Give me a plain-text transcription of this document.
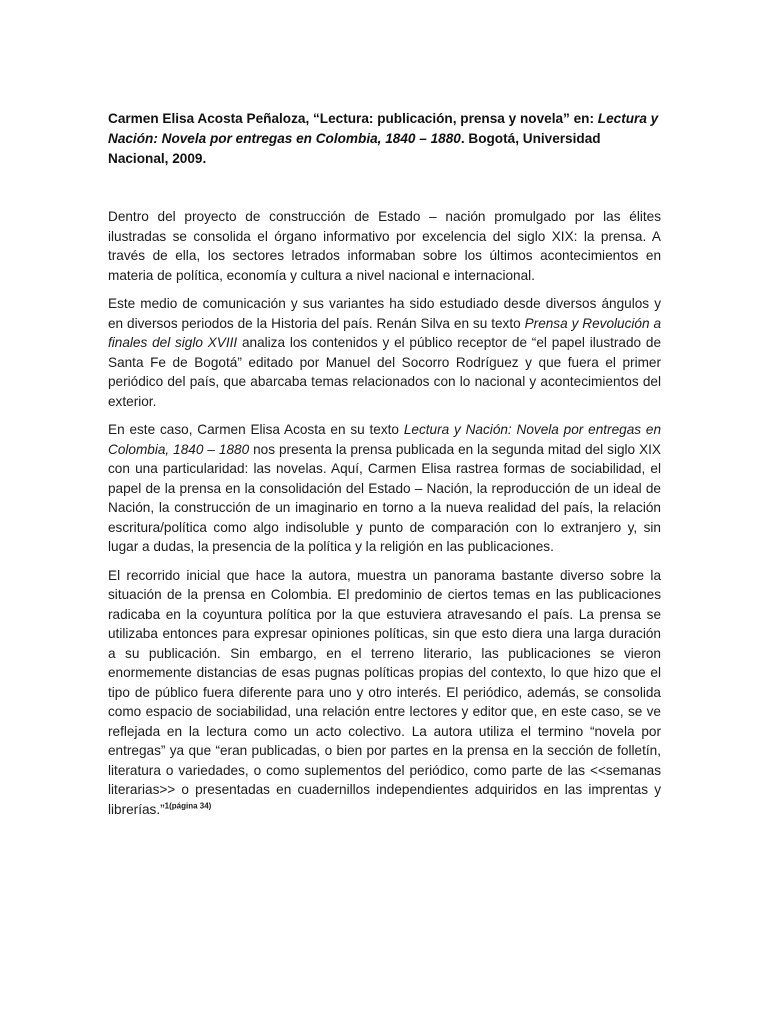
Carmen Elisa Acosta Peñaloza, “Lectura: publicación, prensa y novela” en: Lectura y Nación: Novela por entregas en Colombia, 1840 – 1880. Bogotá, Universidad Nacional, 2009.

Dentro del proyecto de construcción de Estado – nación promulgado por las élites ilustradas se consolida el órgano informativo por excelencia del siglo XIX: la prensa. A través de ella, los sectores letrados informaban sobre los últimos acontecimientos en materia de política, economía y cultura a nivel nacional e internacional.

Este medio de comunicación y sus variantes ha sido estudiado desde diversos ángulos y en diversos periodos de la Historia del país. Renán Silva en su texto Prensa y Revolución a finales del siglo XVIII analiza los contenidos y el público receptor de “el papel ilustrado de Santa Fe de Bogotá” editado por Manuel del Socorro Rodríguez y que fuera el primer periódico del país, que abarcaba temas relacionados con lo nacional y acontecimientos del exterior.

En este caso, Carmen Elisa Acosta en su texto Lectura y Nación: Novela por entregas en Colombia, 1840 – 1880 nos presenta la prensa publicada en la segunda mitad del siglo XIX con una particularidad: las novelas. Aquí, Carmen Elisa rastrea formas de sociabilidad, el papel de la prensa en la consolidación del Estado – Nación, la reproducción de un ideal de Nación, la construcción de un imaginario en torno a la nueva realidad del país, la relación escritura/política como algo indisoluble y punto de comparación con lo extranjero y, sin lugar a dudas, la presencia de la política y la religión en las publicaciones.

El recorrido inicial que hace la autora, muestra un panorama bastante diverso sobre la situación de la prensa en Colombia. El predominio de ciertos temas en las publicaciones radicaba en la coyuntura política por la que estuviera atravesando el país. La prensa se utilizaba entonces para expresar opiniones políticas, sin que esto diera una larga duración a su publicación. Sin embargo, en el terreno literario, las publicaciones se vieron enormemente distancias de esas pugnas políticas propias del contexto, lo que hizo que el tipo de público fuera diferente para uno y otro interés. El periódico, además, se consolida como espacio de sociabilidad, una relación entre lectores y editor que, en este caso, se ve reflejada en la lectura como un acto colectivo. La autora utiliza el termino “novela por entregas” ya que “eran publicadas, o bien por partes en la prensa en la sección de folletín, literatura o variedades, o como suplementos del periódico, como parte de las <<semanas literarias>> o presentadas en cuadernillos independientes adquiridos en las imprentas y librerías.”$^{1(página 34)}$
